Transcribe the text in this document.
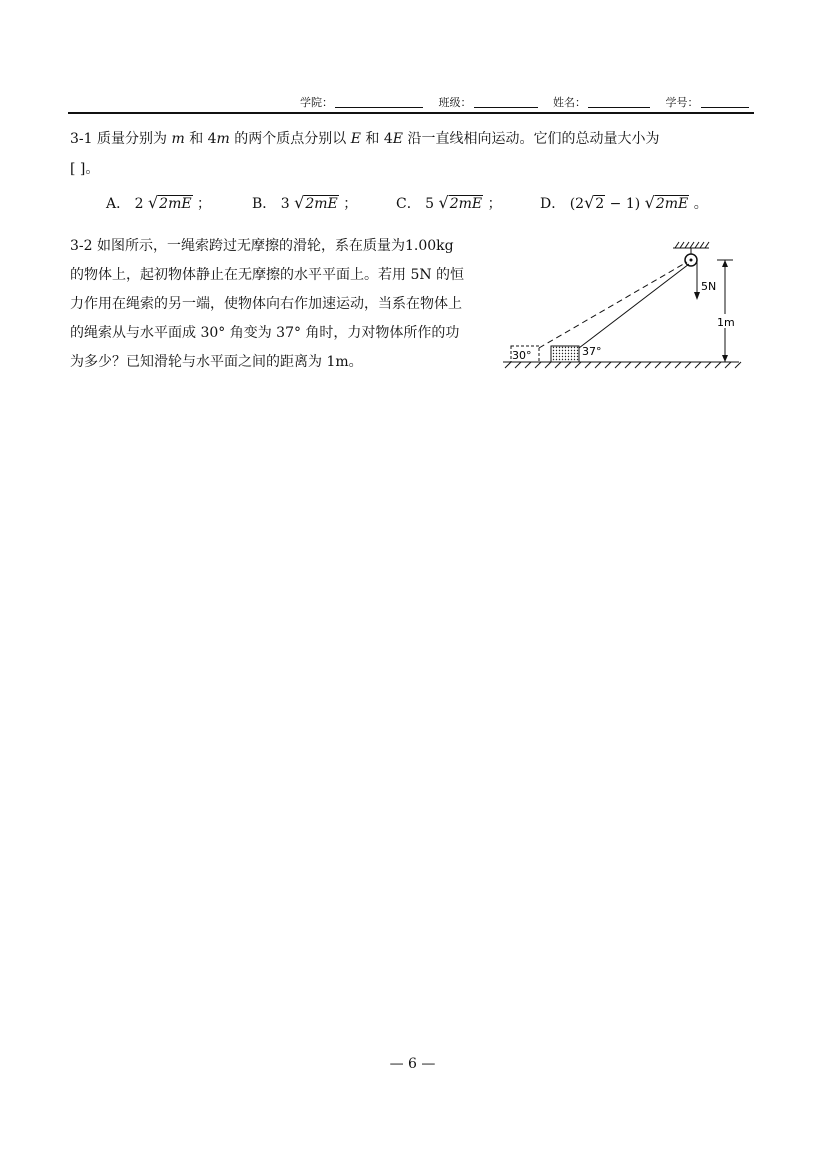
学院：	班级：	姓名：	学号：
3-1 质量分别为 m 和 4m 的两个质点分别以 E 和 4E 沿一直线相向运动。它们的总动量大小为
[ ]。
A． 2 √2mE ；	B． 3 √2mE ；	C． 5 √2mE ；	D． (2√2 − 1) √2mE 。
3-2 如图所示，一绳索跨过无摩擦的滑轮，系在质量为1.00kg 的物体上，起初物体静止在无摩擦的水平平面上。若用 5N 的恒力作用在绳索的另一端，使物体向右作加速运动，当系在物体上的绳索从与水平面成 30° 角变为 37° 角时，力对物体所作的功为多少？已知滑轮与水平面之间的距离为 1m。
5N
1m
30°	37°
— 6 —
